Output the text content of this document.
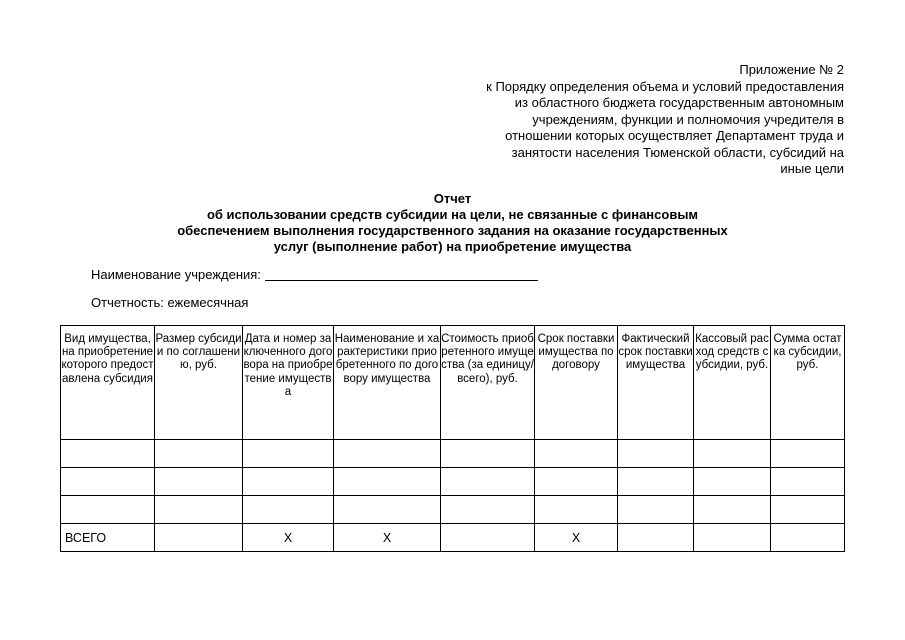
Приложение № 2
к Порядку определения объема и условий предоставления
из областного бюджета государственным автономным
учреждениям, функции и полномочия учредителя в
отношении которых осуществляет Департамент труда и
занятости населения Тюменской области, субсидий на
иные цели
Отчет
об использовании средств субсидии на цели, не связанные с финансовым
обеспечением выполнения государственного задания на оказание государственных
услуг (выполнение работ) на приобретение имущества
Наименование учреждения:
Отчетность: ежемесячная
Вид имущества, на приобретение которого предоставлена субсидия	Размер субсидии по соглашению, руб.	Дата и номер заключенного договора на приобретение имущества	Наименование и характеристики приобретенного по договору имущества	Стоимость приобретенного имущества (за единицу/всего), руб.	Срок поставки имущества по договору	Фактический срок поставки имущества	Кассовый расход средств субсидии, руб.	Сумма остатка субсидии, руб.

ВСЕГО		Х	Х		Х			
